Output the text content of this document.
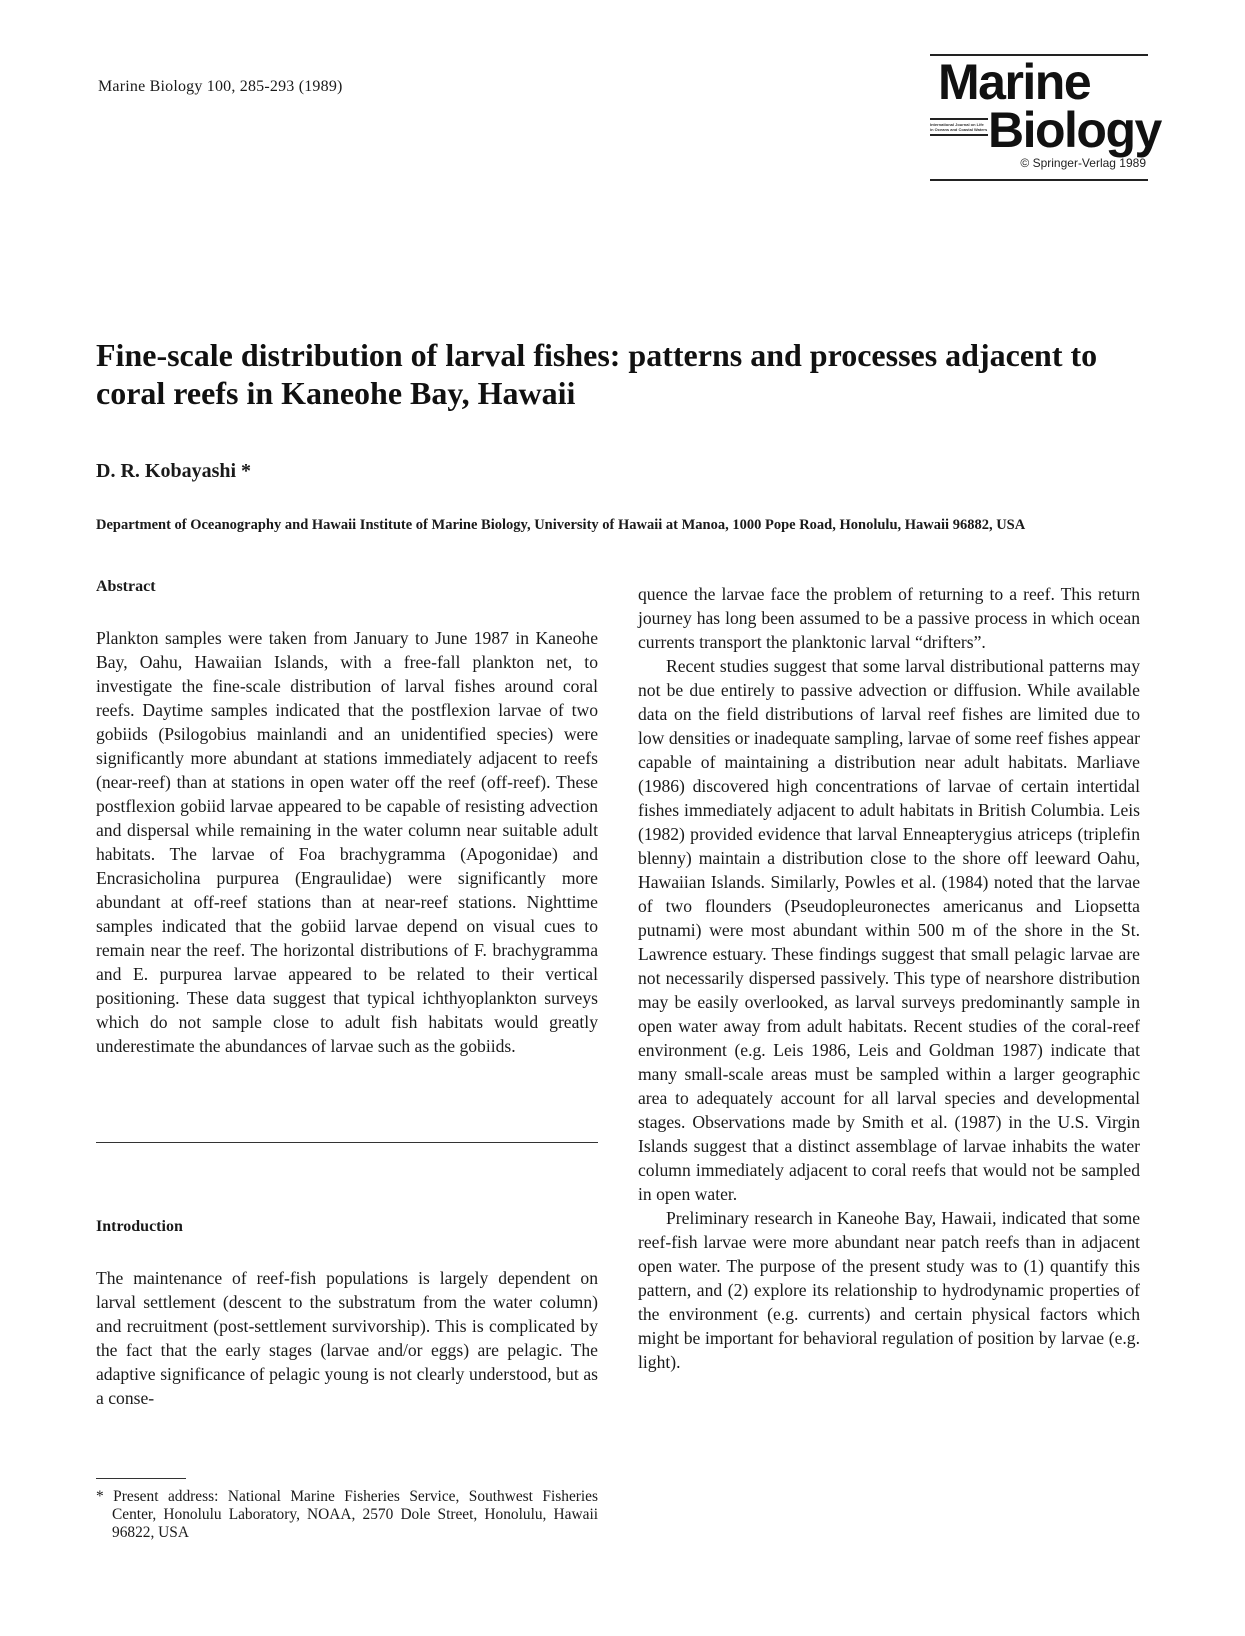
Marine Biology 100, 285-293 (1989)	Marine
International Journal on Life in Oceans and Coastal Waters Biology
© Springer-Verlag 1989
Fine-scale distribution of larval fishes: patterns and processes adjacent to coral reefs in Kaneohe Bay, Hawaii

D. R. Kobayashi *

Department of Oceanography and Hawaii Institute of Marine Biology, University of Hawaii at Manoa, 1000 Pope Road, Honolulu, Hawaii 96882, USA

Abstract

Plankton samples were taken from January to June 1987 in Kaneohe Bay, Oahu, Hawaiian Islands, with a free-fall plankton net, to investigate the fine-scale distribution of larval fishes around coral reefs. Daytime samples indicated that the postflexion larvae of two gobiids (Psilogobius mainlandi and an unidentified species) were significantly more abundant at stations immediately adjacent to reefs (near-reef) than at stations in open water off the reef (off-reef). These postflexion gobiid larvae appeared to be capable of resisting advection and dispersal while remaining in the water column near suitable adult habitats. The larvae of Foa brachygramma (Apogonidae) and Encrasicholina purpurea (Engraulidae) were significantly more abundant at off-reef stations than at near-reef stations. Nighttime samples indicated that the gobiid larvae depend on visual cues to remain near the reef. The horizontal distributions of F. brachygramma and E. purpurea larvae appeared to be related to their vertical positioning. These data suggest that typical ichthyoplankton surveys which do not sample close to adult fish habitats would greatly underestimate the abundances of larvae such as the gobiids.

Introduction

The maintenance of reef-fish populations is largely dependent on larval settlement (descent to the substratum from the water column) and recruitment (post-settlement survivorship). This is complicated by the fact that the early stages (larvae and/or eggs) are pelagic. The adaptive significance of pelagic young is not clearly understood, but as a conse-

quence the larvae face the problem of returning to a reef. This return journey has long been assumed to be a passive process in which ocean currents transport the planktonic larval “drifters”.

Recent studies suggest that some larval distributional patterns may not be due entirely to passive advection or diffusion. While available data on the field distributions of larval reef fishes are limited due to low densities or inadequate sampling, larvae of some reef fishes appear capable of maintaining a distribution near adult habitats. Marliave (1986) discovered high concentrations of larvae of certain intertidal fishes immediately adjacent to adult habitats in British Columbia. Leis (1982) provided evidence that larval Enneapterygius atriceps (triplefin blenny) maintain a distribution close to the shore off leeward Oahu, Hawaiian Islands. Similarly, Powles et al. (1984) noted that the larvae of two flounders (Pseudopleuronectes americanus and Liopsetta putnami) were most abundant within 500 m of the shore in the St. Lawrence estuary. These findings suggest that small pelagic larvae are not necessarily dispersed passively. This type of nearshore distribution may be easily overlooked, as larval surveys predominantly sample in open water away from adult habitats. Recent studies of the coral-reef environment (e.g. Leis 1986, Leis and Goldman 1987) indicate that many small-scale areas must be sampled within a larger geographic area to adequately account for all larval species and developmental stages. Observations made by Smith et al. (1987) in the U.S. Virgin Islands suggest that a distinct assemblage of larvae inhabits the water column immediately adjacent to coral reefs that would not be sampled in open water.

Preliminary research in Kaneohe Bay, Hawaii, indicated that some reef-fish larvae were more abundant near patch reefs than in adjacent open water. The purpose of the present study was to (1) quantify this pattern, and (2) explore its relationship to hydrodynamic properties of the environment (e.g. currents) and certain physical factors which might be important for behavioral regulation of position by larvae (e.g. light).

* Present address: National Marine Fisheries Service, Southwest Fisheries Center, Honolulu Laboratory, NOAA, 2570 Dole Street, Honolulu, Hawaii 96822, USA
